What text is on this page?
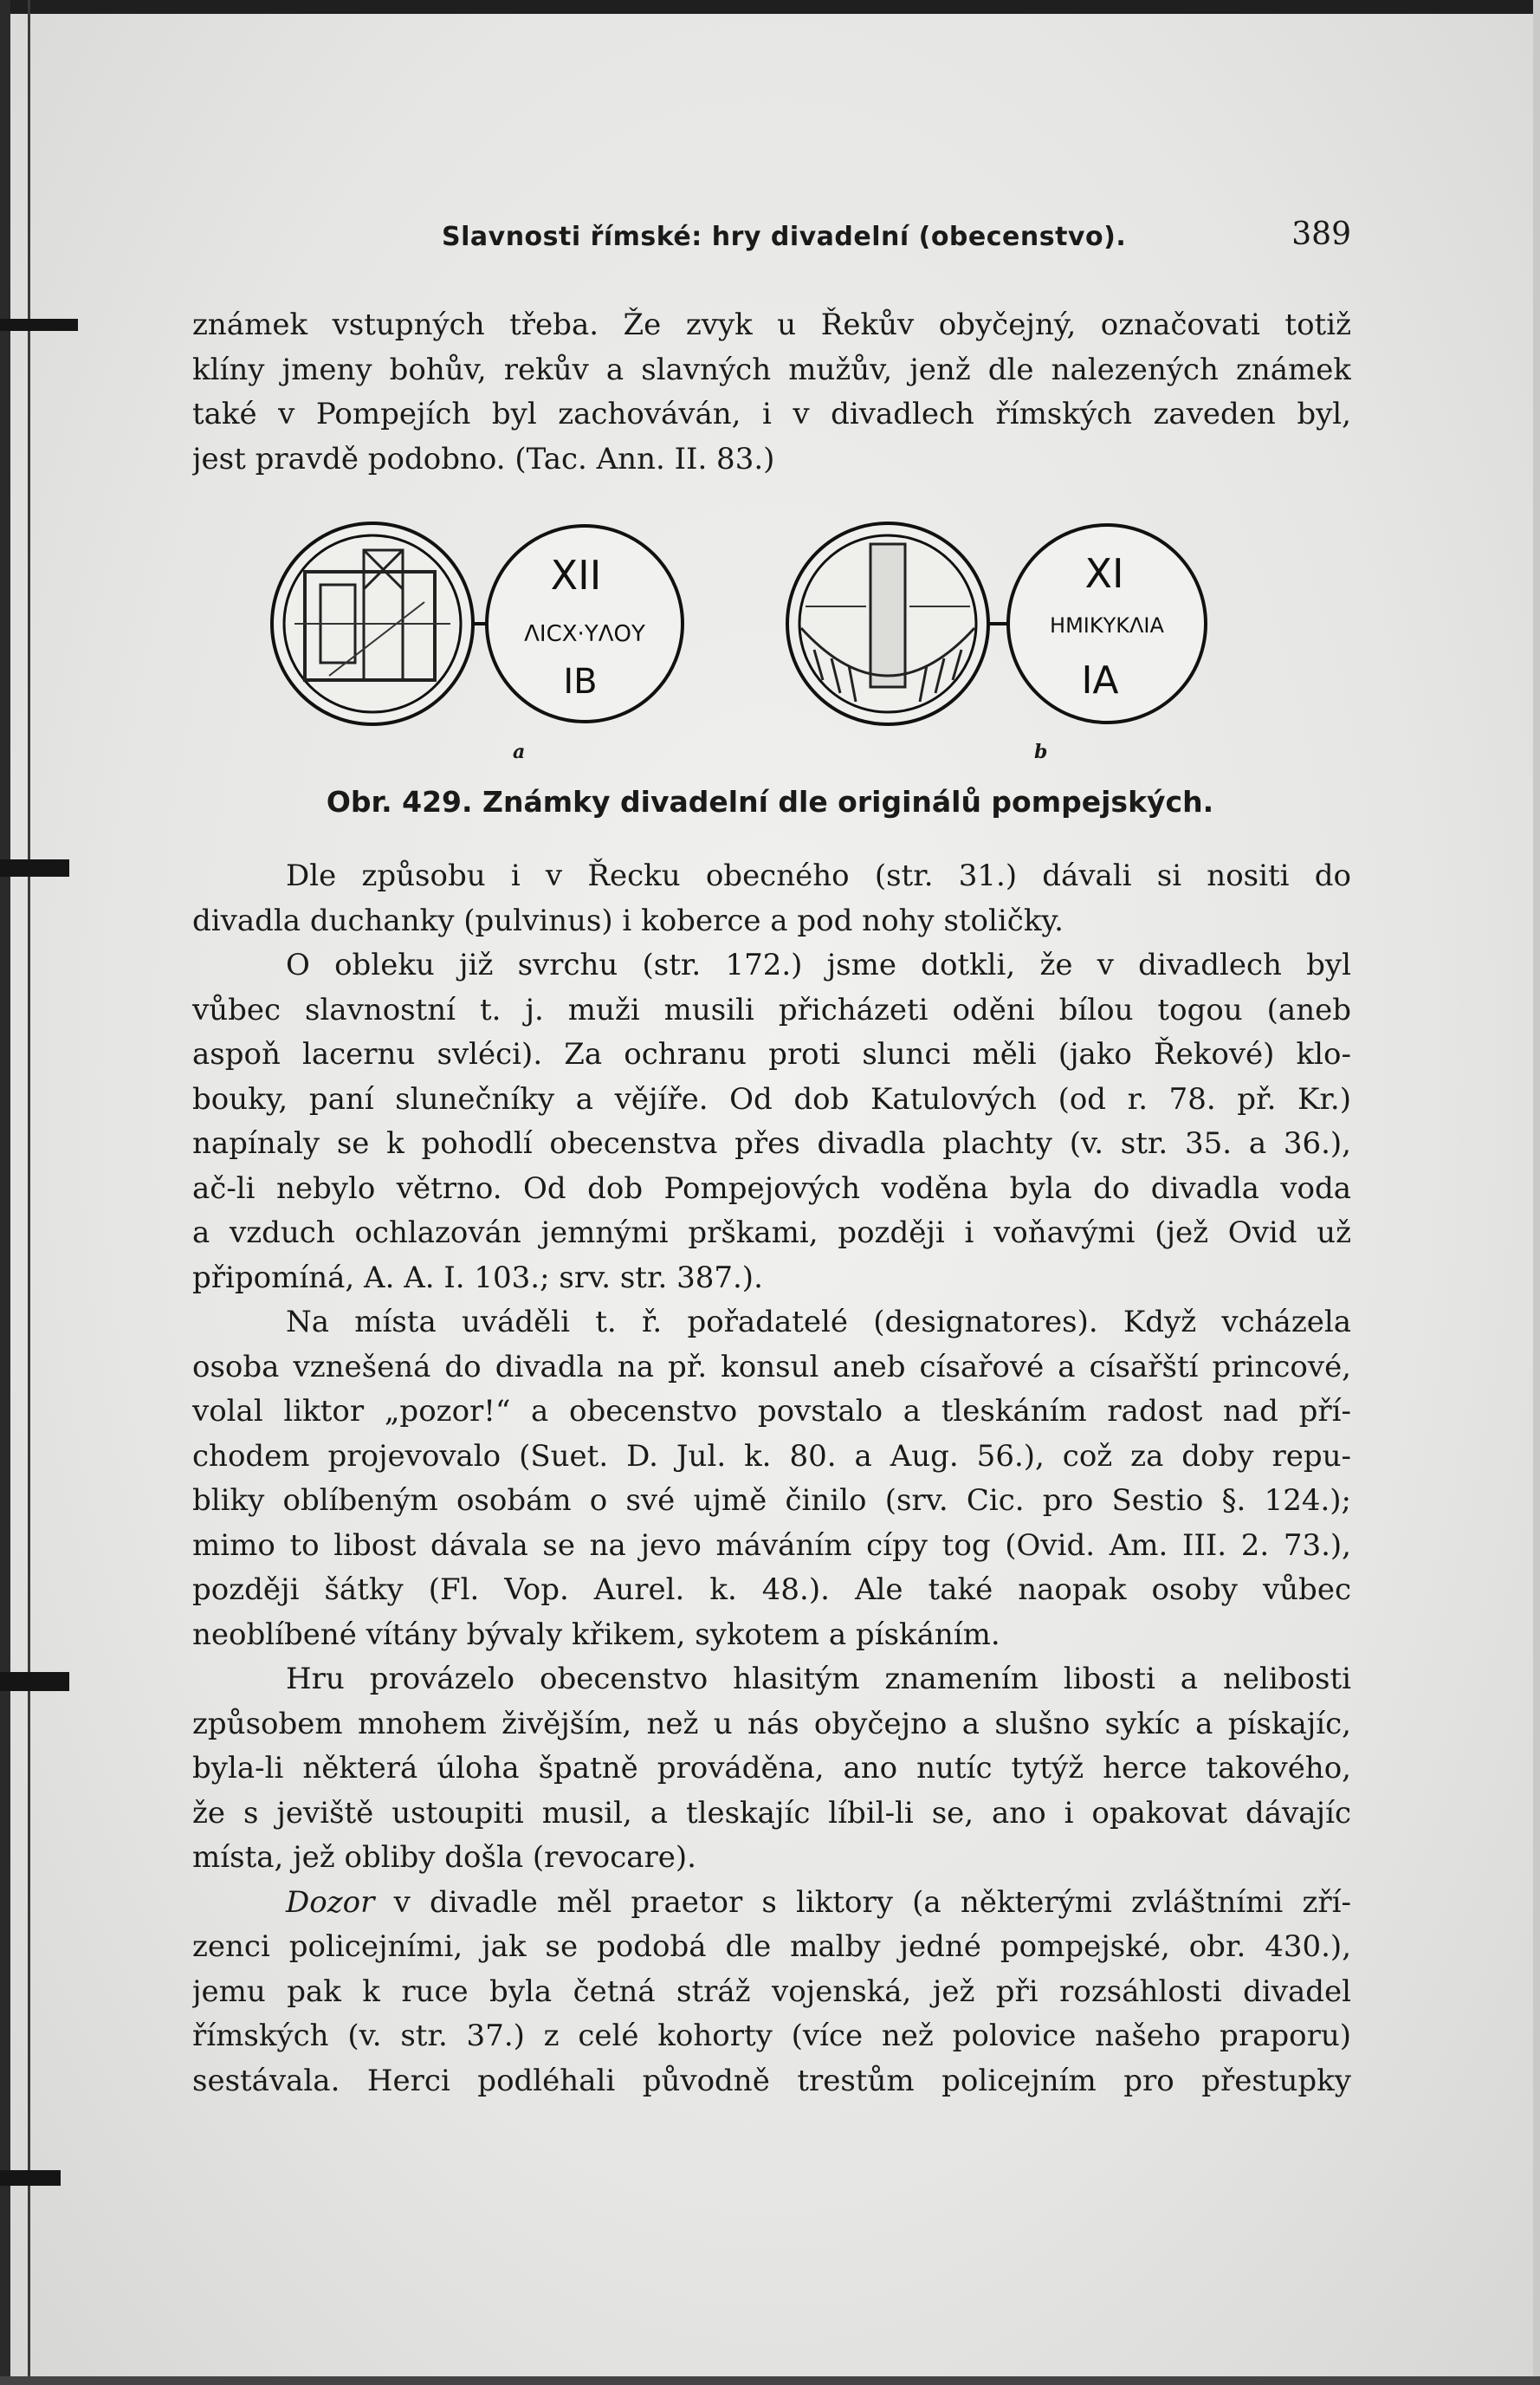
Slavnosti římské: hry divadelní (obecenstvo).	389
známek vstupných třeba. Že zvyk u Řekův obyčejný, označovati totiž
klíny jmeny bohův, rekův a slavných mužův, jenž dle nalezených známek
také v Pompejích byl zachováván, i v divadlech římských zaveden byl,
jest pravdě podobno. (Tac. Ann. II. 83.)
XII
ΛΙCΧ·ΥΛΟΥ
ΙΒ
XI
ΗΜΙΚΥΚΛΙΑ
ΙΑ
a	b
Obr. 429. Známky divadelní dle originálů pompejských.
Dle způsobu i v Řecku obecného (str. 31.) dávali si nositi do
divadla duchanky (pulvinus) i koberce a pod nohy stoličky.
O obleku již svrchu (str. 172.) jsme dotkli, že v divadlech byl
vůbec slavnostní t. j. muži musili přicházeti oděni bílou togou (aneb
aspoň lacernu svléci). Za ochranu proti slunci měli (jako Řekové) klo-
bouky, paní slunečníky a vějíře. Od dob Katulových (od r. 78. př. Kr.)
napínaly se k pohodlí obecenstva přes divadla plachty (v. str. 35. a 36.),
ač-li nebylo větrno. Od dob Pompejových voděna byla do divadla voda
a vzduch ochlazován jemnými prškami, později i voňavými (jež Ovid už
připomíná, A. A. I. 103.; srv. str. 387.).
Na místa uváděli t. ř. pořadatelé (designatores). Když vcházela
osoba vznešená do divadla na př. konsul aneb císařové a císařští princové,
volal liktor „pozor!“ a obecenstvo povstalo a tleskáním radost nad pří-
chodem projevovalo (Suet. D. Jul. k. 80. a Aug. 56.), což za doby repu-
bliky oblíbeným osobám o své ujmě činilo (srv. Cic. pro Sestio §. 124.);
mimo to libost dávala se na jevo máváním cípy tog (Ovid. Am. III. 2. 73.),
později šátky (Fl. Vop. Aurel. k. 48.). Ale také naopak osoby vůbec
neoblíbené vítány bývaly křikem, sykotem a pískáním.
Hru provázelo obecenstvo hlasitým znamením libosti a nelibosti
způsobem mnohem živějším, než u nás obyčejno a slušno sykíc a pískajíc,
byla-li některá úloha špatně prováděna, ano nutíc tytýž herce takového,
že s jeviště ustoupiti musil, a tleskajíc líbil-li se, ano i opakovat dávajíc
místa, jež obliby došla (revocare).
Dozor v divadle měl praetor s liktory (a některými zvláštními zří-
zenci policejními, jak se podobá dle malby jedné pompejské, obr. 430.),
jemu pak k ruce byla četná stráž vojenská, jež při rozsáhlosti divadel
římských (v. str. 37.) z celé kohorty (více než polovice našeho praporu)
sestávala. Herci podléhali původně trestům policejním pro přestupky
